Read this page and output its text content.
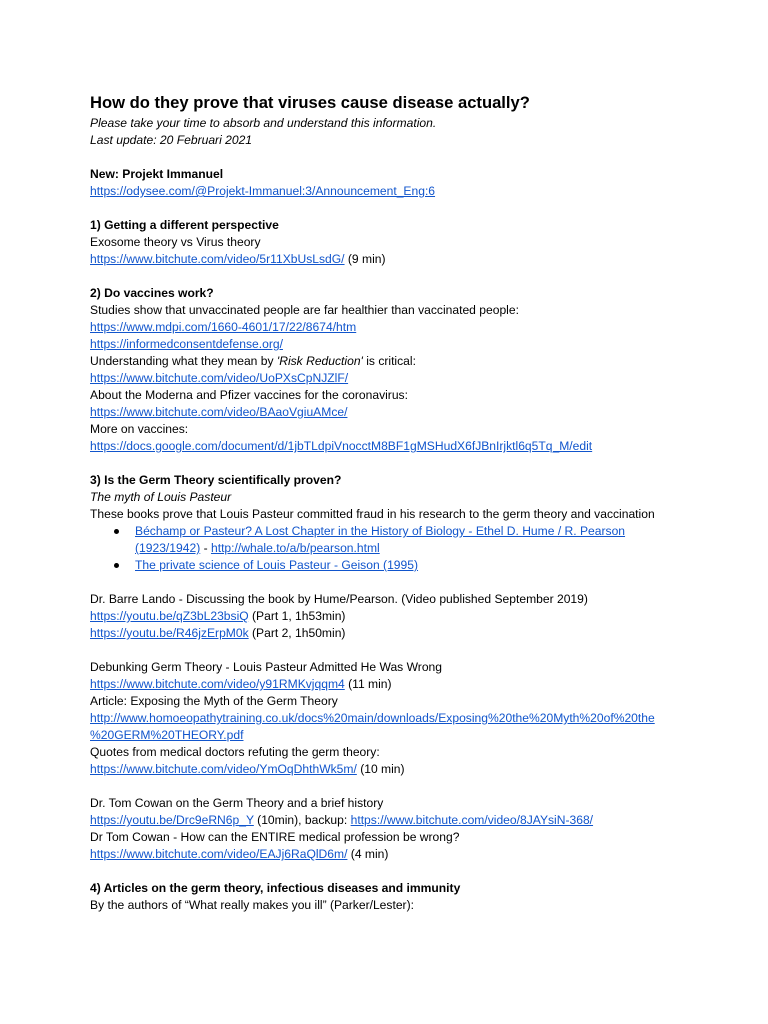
How do they prove that viruses cause disease actually?
Please take your time to absorb and understand this information.
Last update: 20 Februari 2021
New: Projekt Immanuel
https://odysee.com/@Projekt-Immanuel:3/Announcement_Eng:6
1) Getting a different perspective
Exosome theory vs Virus theory
https://www.bitchute.com/video/5r11XbUsLsdG/ (9 min)
2) Do vaccines work?
Studies show that unvaccinated people are far healthier than vaccinated people:
https://www.mdpi.com/1660-4601/17/22/8674/htm
https://informedconsentdefense.org/
Understanding what they mean by 'Risk Reduction' is critical:
https://www.bitchute.com/video/UoPXsCpNJZlF/
About the Moderna and Pfizer vaccines for the coronavirus:
https://www.bitchute.com/video/BAaoVgiuAMce/
More on vaccines:
https://docs.google.com/document/d/1jbTLdpiVnocctM8BF1gMSHudX6fJBnIrjktl6q5Tq_M/edit
3) Is the Germ Theory scientifically proven?
The myth of Louis Pasteur
These books prove that Louis Pasteur committed fraud in his research to the germ theory and vaccination
Béchamp or Pasteur? A Lost Chapter in the History of Biology - Ethel D. Hume / R. Pearson
(1923/1942) - http://whale.to/a/b/pearson.html
The private science of Louis Pasteur - Geison (1995)
Dr. Barre Lando - Discussing the book by Hume/Pearson. (Video published September 2019)
https://youtu.be/qZ3bL23bsiQ (Part 1, 1h53min)
https://youtu.be/R46jzErpM0k (Part 2, 1h50min)
Debunking Germ Theory - Louis Pasteur Admitted He Was Wrong
https://www.bitchute.com/video/y91RMKvjqqm4 (11 min)
Article: Exposing the Myth of the Germ Theory
http://www.homoeopathytraining.co.uk/docs%20main/downloads/Exposing%20the%20Myth%20of%20the
%20GERM%20THEORY.pdf
Quotes from medical doctors refuting the germ theory:
https://www.bitchute.com/video/YmOqDhthWk5m/ (10 min)
Dr. Tom Cowan on the Germ Theory and a brief history
https://youtu.be/Drc9eRN6p_Y (10min), backup: https://www.bitchute.com/video/8JAYsiN-368/
Dr Tom Cowan - How can the ENTIRE medical profession be wrong?
https://www.bitchute.com/video/EAJj6RaQlD6m/ (4 min)
4) Articles on the germ theory, infectious diseases and immunity
By the authors of “What really makes you ill” (Parker/Lester):
